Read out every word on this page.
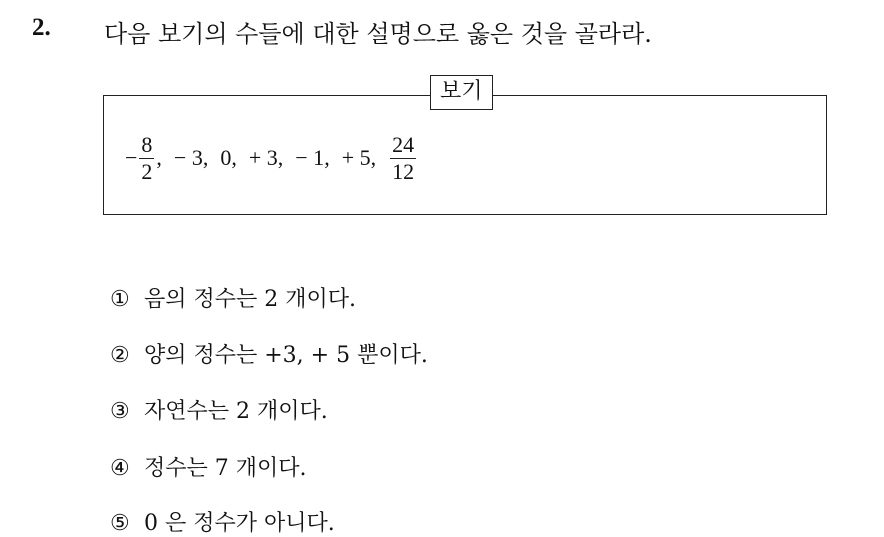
2. 다음 보기의 수들에 대한 설명으로 옳은 것을 골라라.
보기
− $\frac{8}{2}$ , − 3 , 0 , + 3 , − 1 , + 5 , $\frac{24}{12}$
① 음의 정수는 2 개이다.
② 양의 정수는 +3, + 5 뿐이다.
③ 자연수는 2 개이다.
④ 정수는 7 개이다.
⑤ 0 은 정수가 아니다.
